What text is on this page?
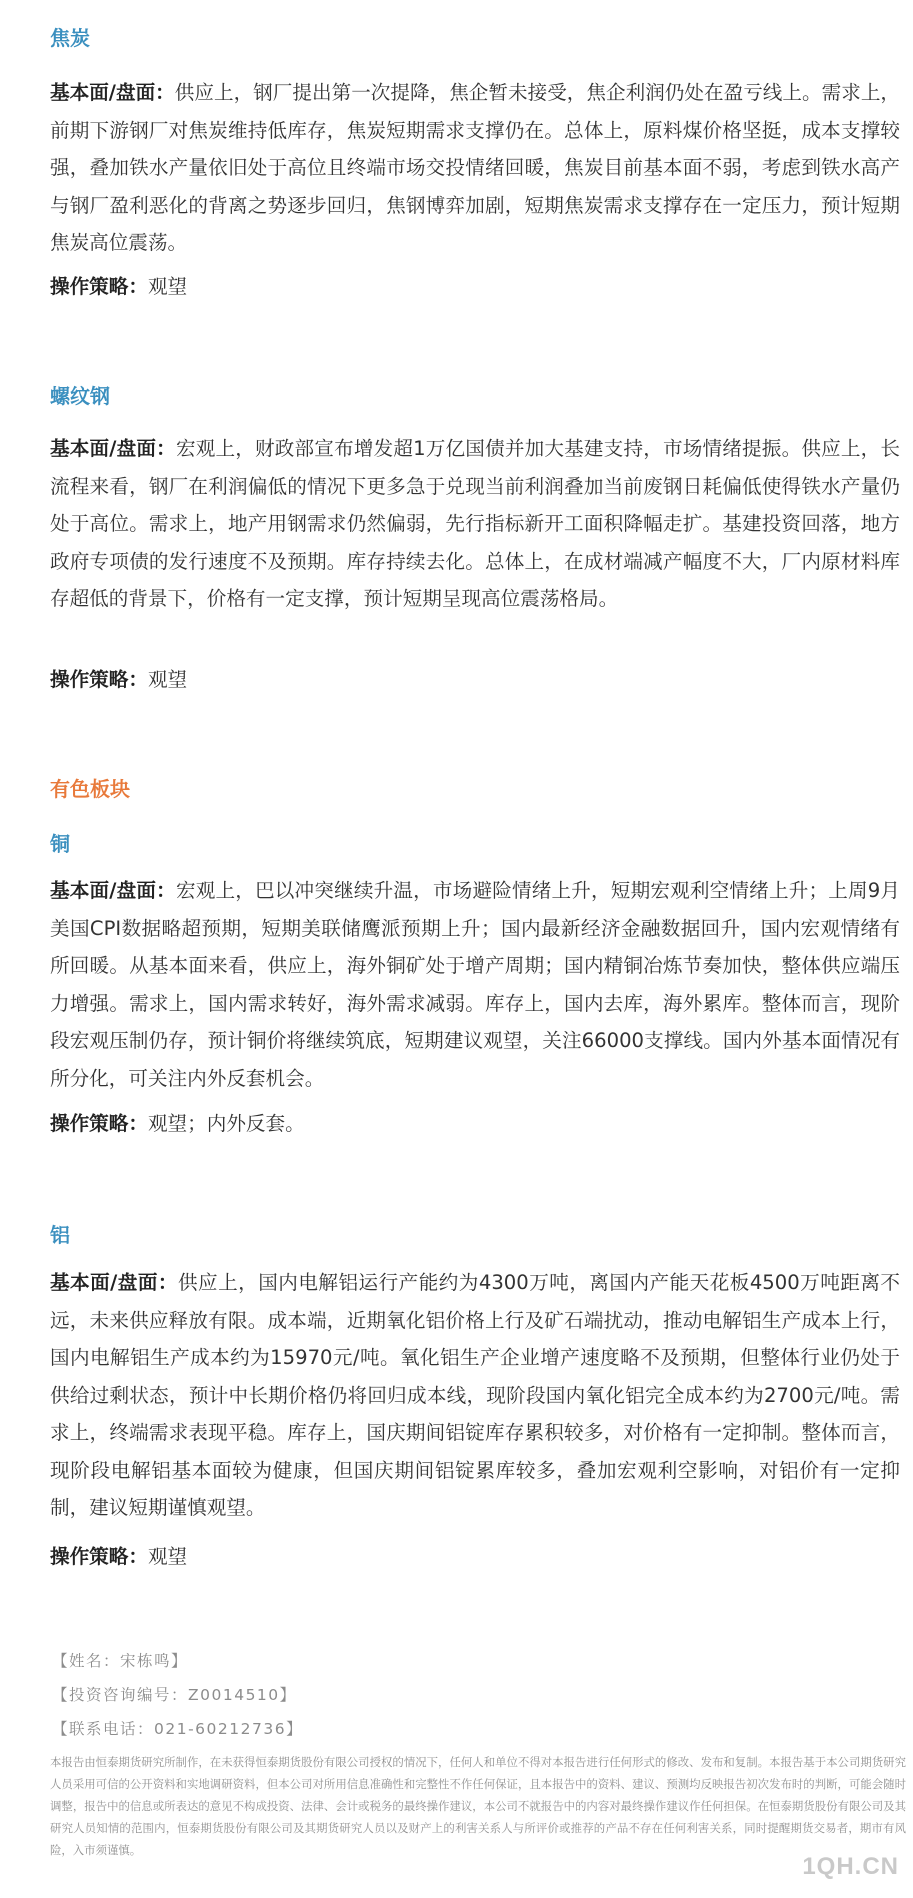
焦炭

基本面/盘面：供应上，钢厂提出第一次提降，焦企暂未接受，焦企利润仍处在盈亏线上。需求上，前期下游钢厂对焦炭维持低库存，焦炭短期需求支撑仍在。总体上，原料煤价格坚挺，成本支撑较强，叠加铁水产量依旧处于高位且终端市场交投情绪回暖，焦炭目前基本面不弱，考虑到铁水高产与钢厂盈利恶化的背离之势逐步回归，焦钢博弈加剧，短期焦炭需求支撑存在一定压力，预计短期焦炭高位震荡。

操作策略：观望
螺纹钢

基本面/盘面：宏观上，财政部宣布增发超1万亿国债并加大基建支持，市场情绪提振。供应上，长流程来看，钢厂在利润偏低的情况下更多急于兑现当前利润叠加当前废钢日耗偏低使得铁水产量仍处于高位。需求上，地产用钢需求仍然偏弱，先行指标新开工面积降幅走扩。基建投资回落，地方政府专项债的发行速度不及预期。库存持续去化。总体上，在成材端减产幅度不大，厂内原材料库存超低的背景下，价格有一定支撑，预计短期呈现高位震荡格局。

操作策略：观望
有色板块
铜

基本面/盘面：宏观上，巴以冲突继续升温，市场避险情绪上升，短期宏观利空情绪上升；上周9月美国CPI数据略超预期，短期美联储鹰派预期上升；国内最新经济金融数据回升，国内宏观情绪有所回暖。从基本面来看，供应上，海外铜矿处于增产周期；国内精铜冶炼节奏加快，整体供应端压力增强。需求上，国内需求转好，海外需求减弱。库存上，国内去库，海外累库。整体而言，现阶段宏观压制仍存，预计铜价将继续筑底，短期建议观望，关注66000支撑线。国内外基本面情况有所分化，可关注内外反套机会。

操作策略：观望；内外反套。
铝

基本面/盘面：供应上，国内电解铝运行产能约为4300万吨，离国内产能天花板4500万吨距离不远，未来供应释放有限。成本端，近期氧化铝价格上行及矿石端扰动，推动电解铝生产成本上行，国内电解铝生产成本约为15970元/吨。氧化铝生产企业增产速度略不及预期，但整体行业仍处于供给过剩状态，预计中长期价格仍将回归成本线，现阶段国内氧化铝完全成本约为2700元/吨。需求上，终端需求表现平稳。库存上，国庆期间铝锭库存累积较多，对价格有一定抑制。整体而言，现阶段电解铝基本面较为健康，但国庆期间铝锭累库较多，叠加宏观利空影响，对铝价有一定抑制，建议短期谨慎观望。

操作策略：观望
【姓名：宋栋鸣】
【投资咨询编号：Z0014510】
【联系电话：021-60212736】

本报告由恒泰期货研究所制作，在未获得恒泰期货股份有限公司授权的情况下，任何人和单位不得对本报告进行任何形式的修改、发布和复制。本报告基于本公司期货研究人员采用可信的公开资料和实地调研资料，但本公司对所用信息准确性和完整性不作任何保证，且本报告中的资料、建议、预测均反映报告初次发布时的判断，可能会随时调整，报告中的信息或所表达的意见不构成投资、法律、会计或税务的最终操作建议，本公司不就报告中的内容对最终操作建议作任何担保。在恒泰期货股份有限公司及其研究人员知情的范围内，恒泰期货股份有限公司及其期货研究人员以及财产上的利害关系人与所评价或推荐的产品不存在任何利害关系，同时提醒期货交易者，期市有风险，入市须谨慎。

1QH.CN
